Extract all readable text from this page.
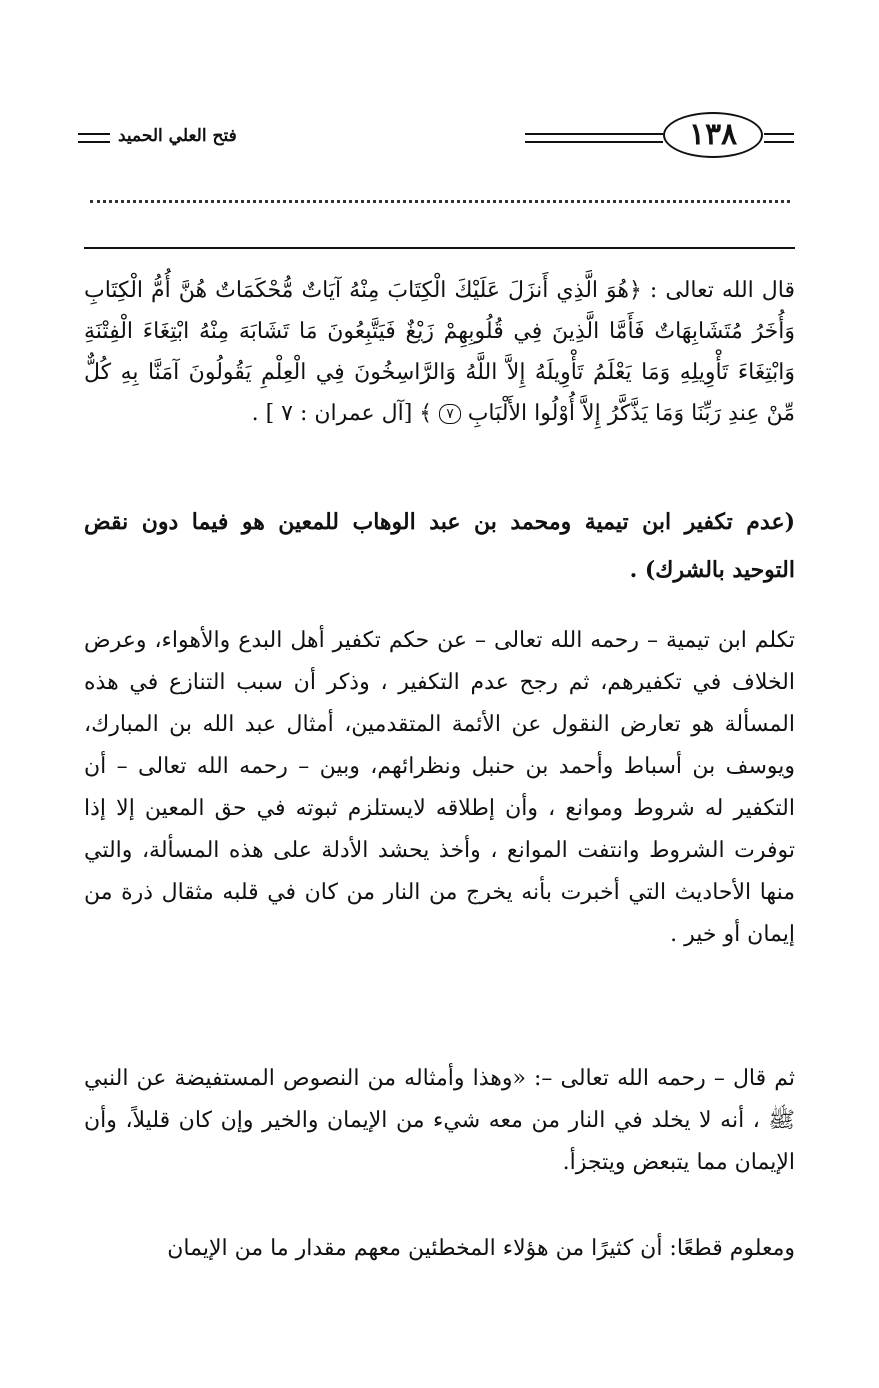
فتح العلي الحميد	١٣٨
قال الله تعالى : ﴿هُوَ الَّذِي أَنزَلَ عَلَيْكَ الْكِتَابَ مِنْهُ آيَاتٌ مُّحْكَمَاتٌ هُنَّ أُمُّ الْكِتَابِ وَأُخَرُ مُتَشَابِهَاتٌ فَأَمَّا الَّذِينَ فِي قُلُوبِهِمْ زَيْغٌ فَيَتَّبِعُونَ مَا تَشَابَهَ مِنْهُ ابْتِغَاءَ الْفِتْنَةِ وَابْتِغَاءَ تَأْوِيلِهِ وَمَا يَعْلَمُ تَأْوِيلَهُ إِلاَّ اللَّهُ وَالرَّاسِخُونَ فِي الْعِلْمِ يَقُولُونَ آمَنَّا بِهِ كُلٌّ مِّنْ عِندِ رَبِّنَا وَمَا يَذَّكَّرُ إِلاَّ أُوْلُوا الأَلْبَابِ ٧ ﴾ [آل عمران : ٧ ] .
(عدم تكفير ابن تيمية ومحمد بن عبد الوهاب للمعين هو فيما دون نقض التوحيد بالشرك) .
تكلم ابن تيمية – رحمه الله تعالى – عن حكم تكفير أهل البدع والأهواء، وعرض الخلاف في تكفيرهم، ثم رجح عدم التكفير ، وذكر أن سبب التنازع في هذه المسألة هو تعارض النقول عن الأئمة المتقدمين، أمثال عبد الله بن المبارك، ويوسف بن أسباط وأحمد بن حنبل ونظرائهم، وبين – رحمه الله تعالى – أن التكفير له شروط وموانع ، وأن إطلاقه لايستلزم ثبوته في حق المعين إلا إذا توفرت الشروط وانتفت الموانع ، وأخذ يحشد الأدلة على هذه المسألة، والتي منها الأحاديث التي أخبرت بأنه يخرج من النار من كان في قلبه مثقال ذرة من إيمان أو خير .
ثم قال – رحمه الله تعالى –: «وهذا وأمثاله من النصوص المستفيضة عن النبي ﷺ ، أنه لا يخلد في النار من معه شيء من الإيمان والخير وإن كان قليلاً، وأن الإيمان مما يتبعض ويتجزأ.
ومعلوم قطعًا: أن كثيرًا من هؤلاء المخطئين معهم مقدار ما من الإيمان
